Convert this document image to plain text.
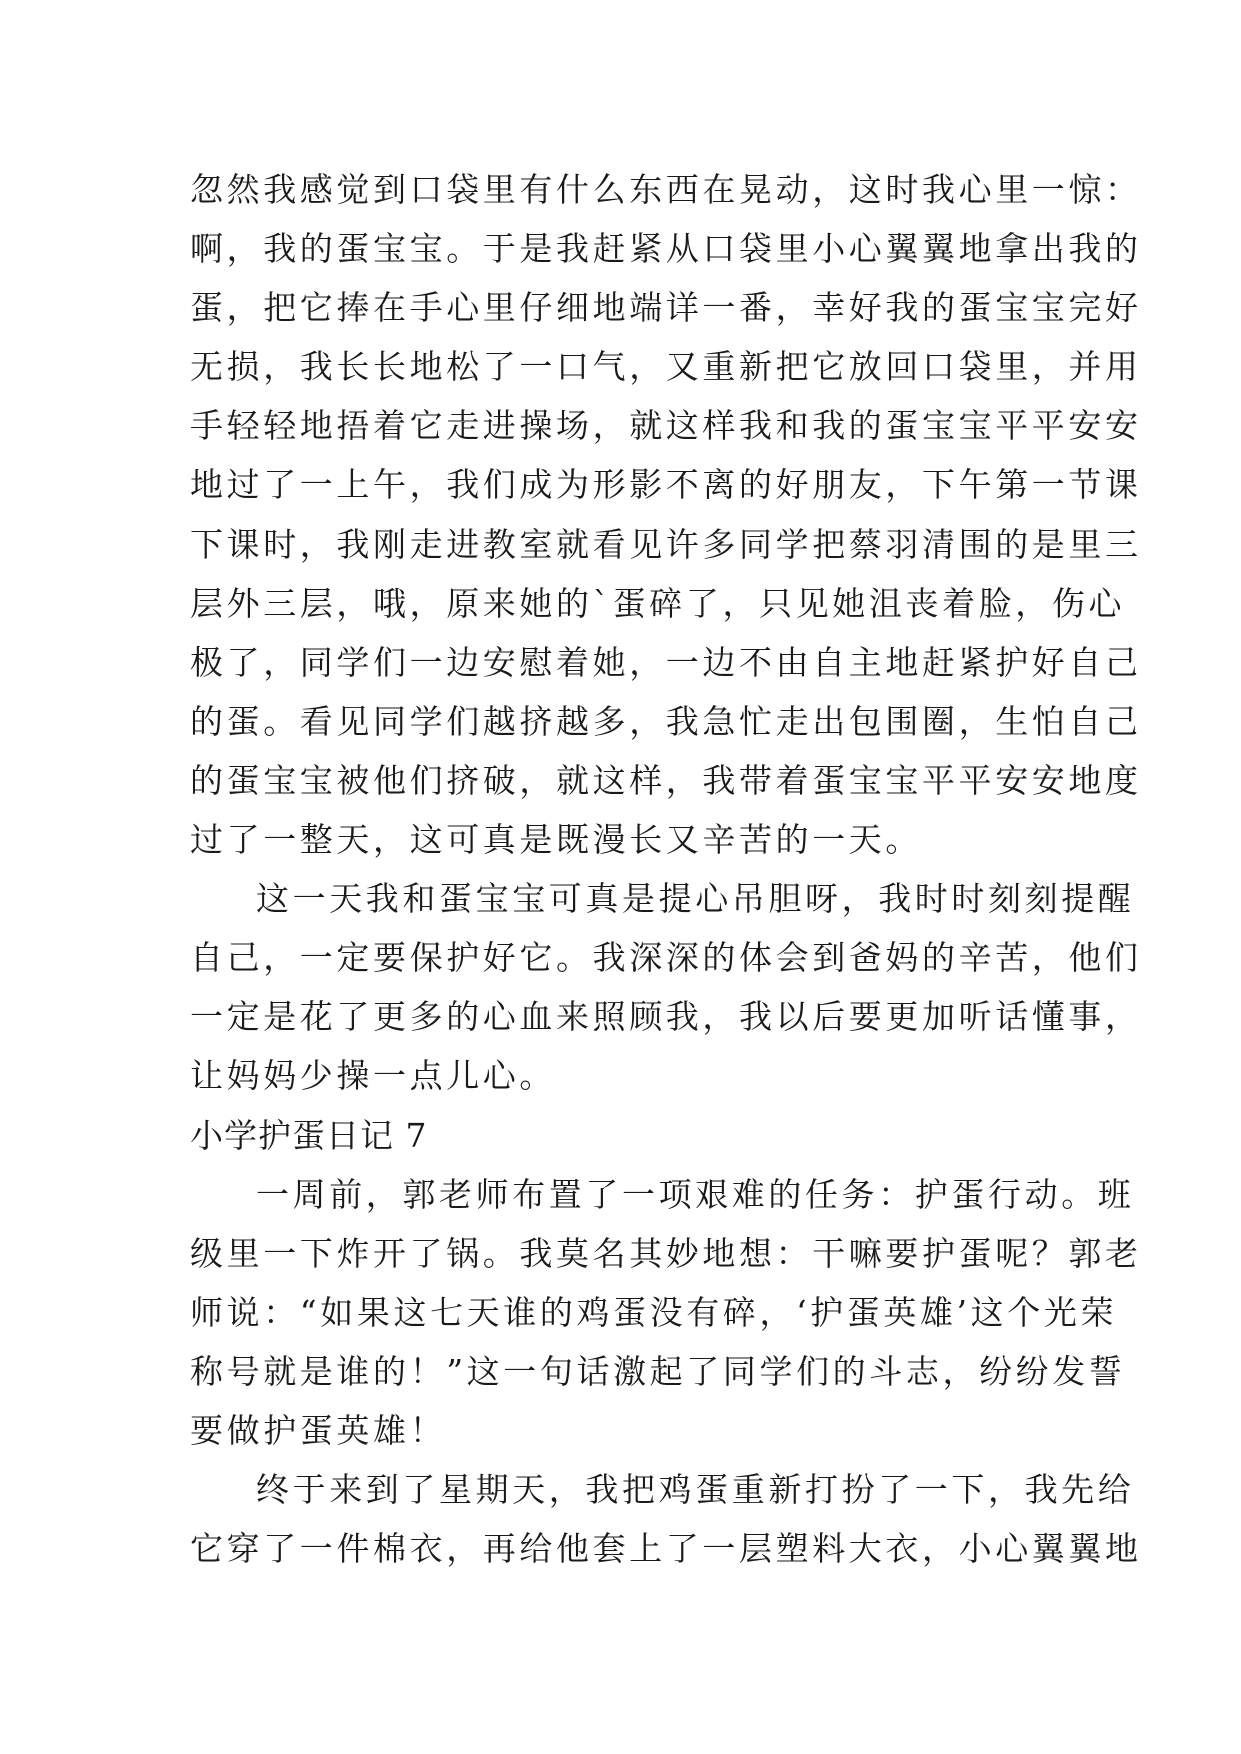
忽然我感觉到口袋里有什么东西在晃动，这时我心里一惊：
啊，我的蛋宝宝。于是我赶紧从口袋里小心翼翼地拿出我的
蛋，把它捧在手心里仔细地端详一番，幸好我的蛋宝宝完好
无损，我长长地松了一口气，又重新把它放回口袋里，并用
手轻轻地捂着它走进操场，就这样我和我的蛋宝宝平平安安
地过了一上午，我们成为形影不离的好朋友，下午第一节课
下课时，我刚走进教室就看见许多同学把蔡羽清围的是里三
层外三层，哦，原来她的`蛋碎了，只见她沮丧着脸，伤心
极了，同学们一边安慰着她，一边不由自主地赶紧护好自己
的蛋。看见同学们越挤越多，我急忙走出包围圈，生怕自己
的蛋宝宝被他们挤破，就这样，我带着蛋宝宝平平安安地度
过了一整天，这可真是既漫长又辛苦的一天。
这一天我和蛋宝宝可真是提心吊胆呀，我时时刻刻提醒
自己，一定要保护好它。我深深的体会到爸妈的辛苦，他们
一定是花了更多的心血来照顾我，我以后要更加听话懂事，
让妈妈少操一点儿心。
小学护蛋日记 7
一周前，郭老师布置了一项艰难的任务：护蛋行动。班
级里一下炸开了锅。我莫名其妙地想：干嘛要护蛋呢？郭老
师说：“如果这七天谁的鸡蛋没有碎，‘护蛋英雄’这个光荣
称号就是谁的！”这一句话激起了同学们的斗志，纷纷发誓
要做护蛋英雄！
终于来到了星期天，我把鸡蛋重新打扮了一下，我先给
它穿了一件棉衣，再给他套上了一层塑料大衣，小心翼翼地
